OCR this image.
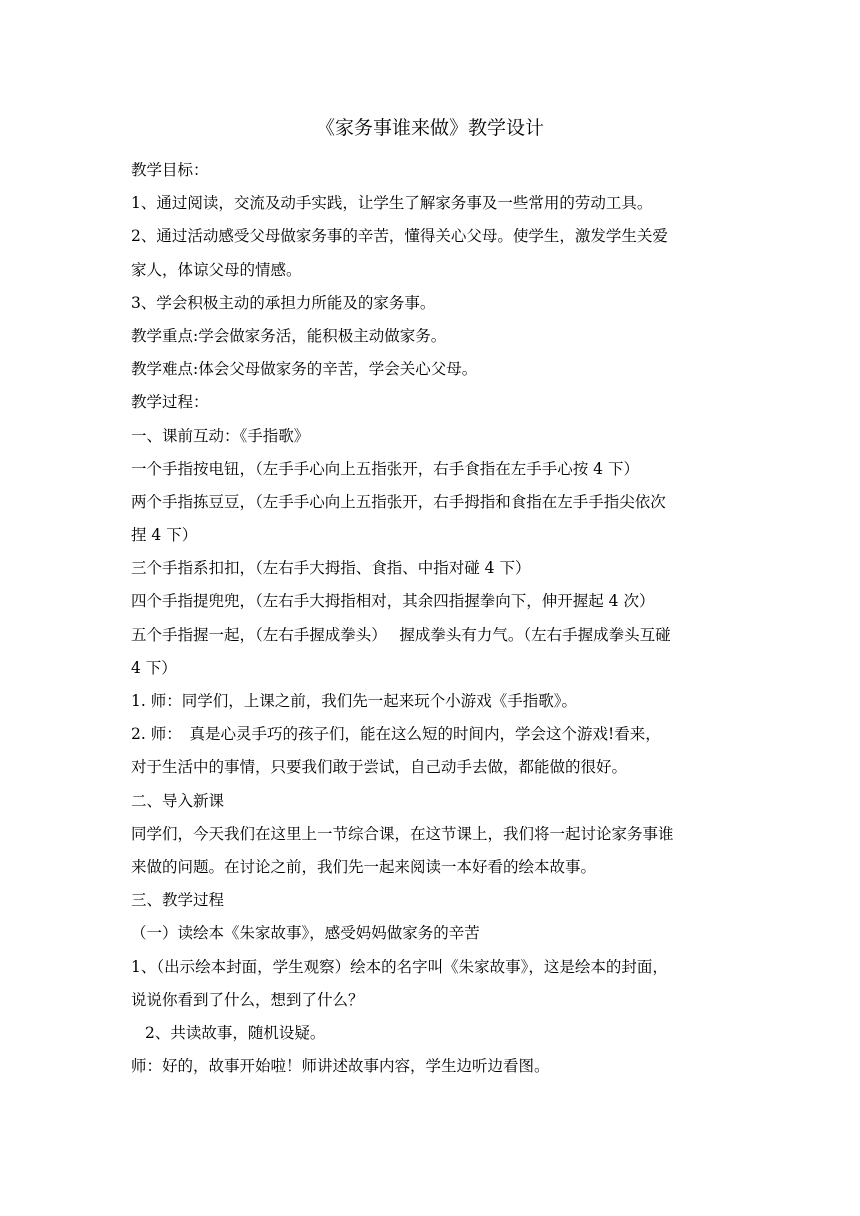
《家务事谁来做》教学设计
教学目标：
1、通过阅读，交流及动手实践，让学生了解家务事及一些常用的劳动工具。
2、通过活动感受父母做家务事的辛苦，懂得关心父母。使学生，激发学生关爱
家人，体谅父母的情感。
3、学会积极主动的承担力所能及的家务事。
教学重点:学会做家务活，能积极主动做家务。
教学难点:体会父母做家务的辛苦，学会关心父母。
教学过程：
一、课前互动：《手指歌》
一个手指按电钮，（左手手心向上五指张开，右手食指在左手手心按 4 下）
两个手指拣豆豆，（左手手心向上五指张开，右手拇指和食指在左手手指尖依次
捏 4 下）
三个手指系扣扣，（左右手大拇指、食指、中指对碰 4 下）
四个手指提兜兜，（左右手大拇指相对，其余四指握拳向下，伸开握起 4 次）
五个手指握一起，（左右手握成拳头）　 握成拳头有力气。（左右手握成拳头互碰
4 下）
1. 师：同学们，上课之前，我们先一起来玩个小游戏《手指歌》。
2. 师：　真是心灵手巧的孩子们，能在这么短的时间内，学会这个游戏!看来，
对于生活中的事情，只要我们敢于尝试，自己动手去做，都能做的很好。
二、导入新课
同学们，今天我们在这里上一节综合课，在这节课上，我们将一起讨论家务事谁
来做的问题。在讨论之前，我们先一起来阅读一本好看的绘本故事。
三、教学过程
（一）读绘本《朱家故事》，感受妈妈做家务的辛苦
1、（出示绘本封面，学生观察）绘本的名字叫《朱家故事》，这是绘本的封面，
说说你看到了什么，想到了什么？
2、共读故事，随机设疑。
师：好的，故事开始啦！师讲述故事内容，学生边听边看图。
